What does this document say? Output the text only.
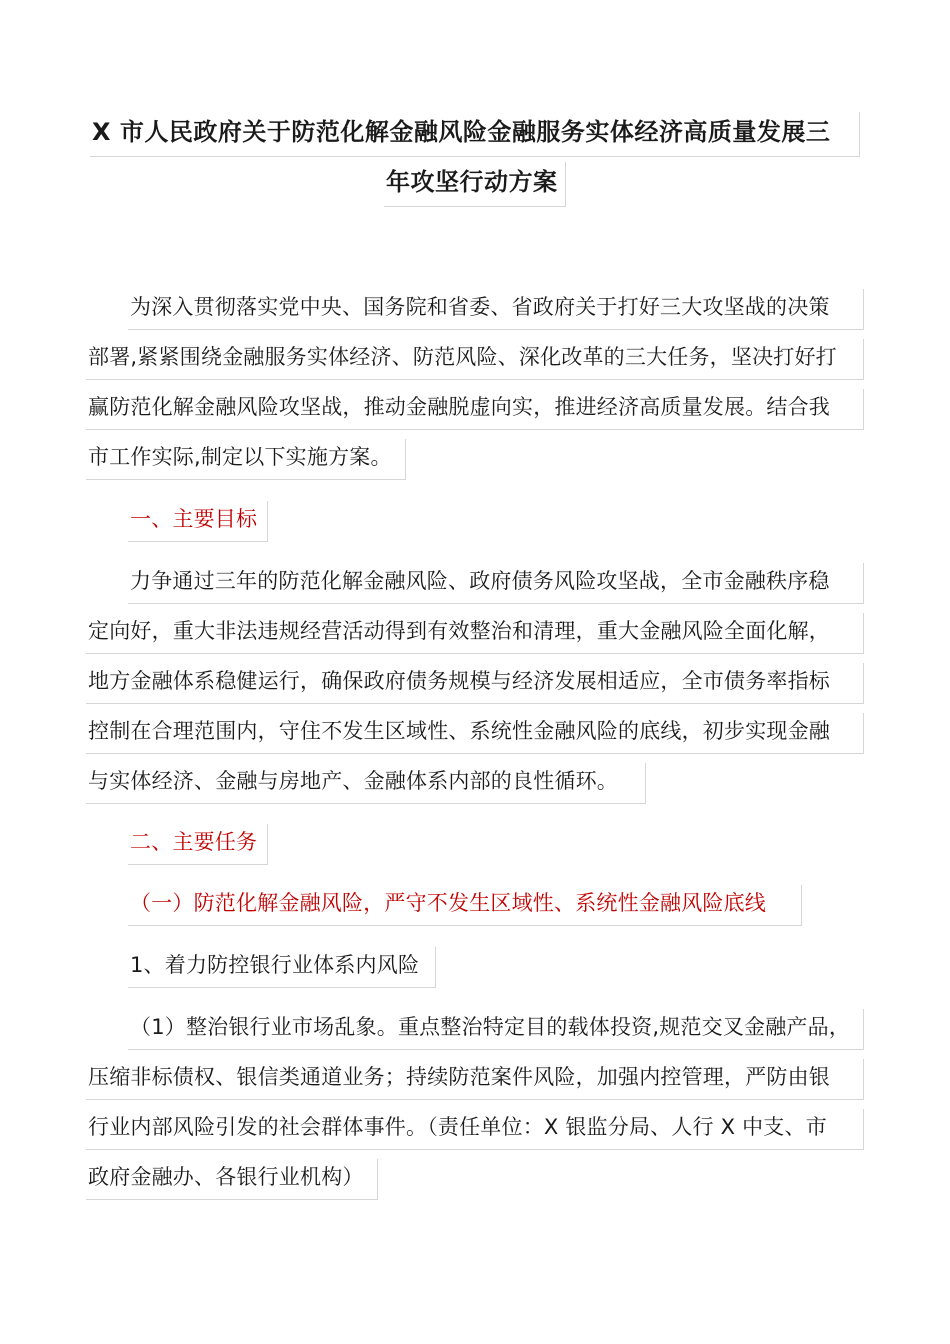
X 市人民政府关于防范化解金融风险金融服务实体经济高质量发展三
年攻坚行动方案
为深入贯彻落实党中央、国务院和省委、省政府关于打好三大攻坚战的决策
部署,紧紧围绕金融服务实体经济、防范风险、深化改革的三大任务，坚决打好打
赢防范化解金融风险攻坚战，推动金融脱虚向实，推进经济高质量发展。结合我
市工作实际,制定以下实施方案。
一、主要目标
力争通过三年的防范化解金融风险、政府债务风险攻坚战，全市金融秩序稳
定向好，重大非法违规经营活动得到有效整治和清理，重大金融风险全面化解，
地方金融体系稳健运行，确保政府债务规模与经济发展相适应，全市债务率指标
控制在合理范围内，守住不发生区域性、系统性金融风险的底线，初步实现金融
与实体经济、金融与房地产、金融体系内部的良性循环。
二、主要任务
（一）防范化解金融风险，严守不发生区域性、系统性金融风险底线
1、着力防控银行业体系内风险
（1）整治银行业市场乱象。重点整治特定目的载体投资,规范交叉金融产品，
压缩非标债权、银信类通道业务；持续防范案件风险，加强内控管理，严防由银
行业内部风险引发的社会群体事件。（责任单位：X 银监分局、人行 X 中支、市
政府金融办、各银行业机构）
